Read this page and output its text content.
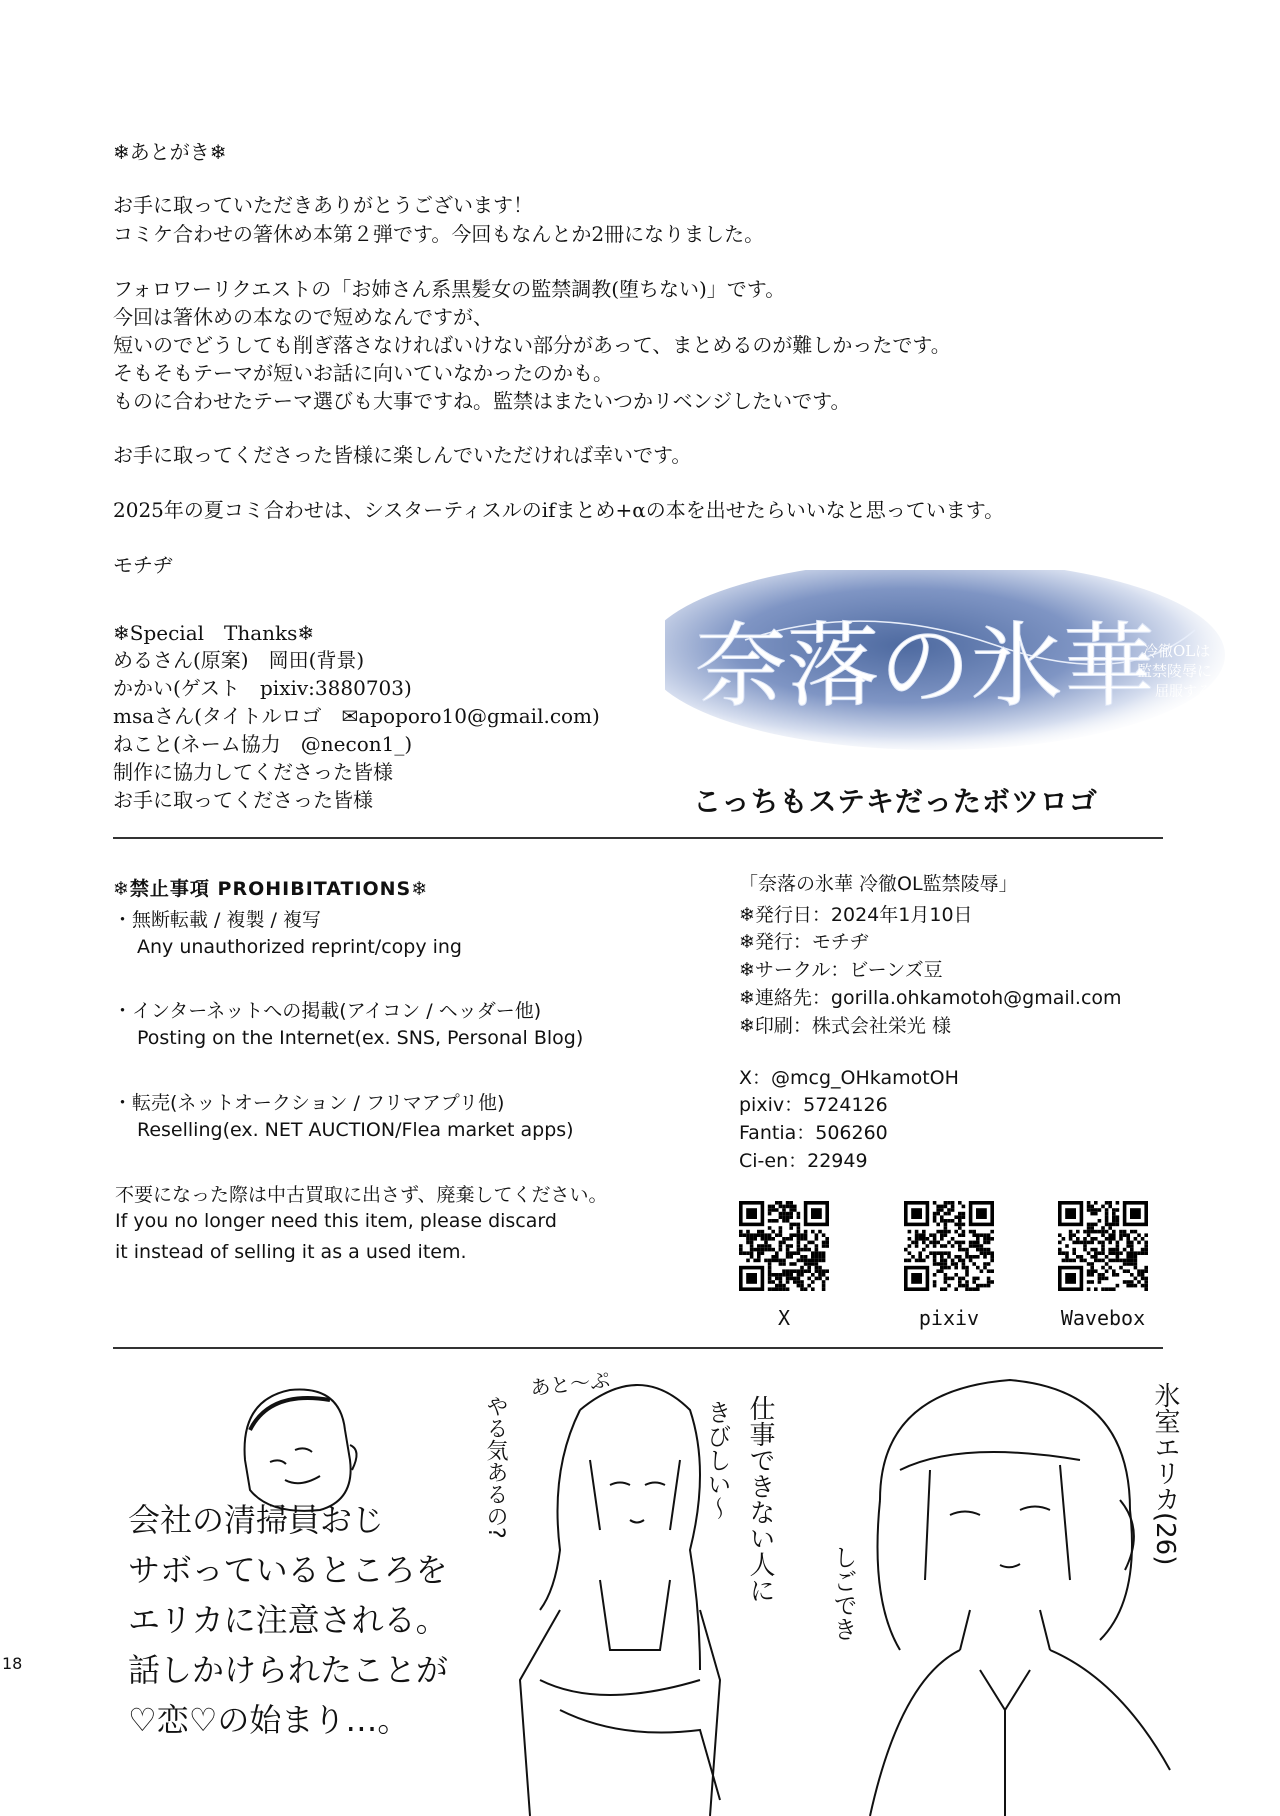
❄あとがき❄
お手に取っていただきありがとうございます！
コミケ合わせの箸休め本第２弾です。今回もなんとか2冊になりました。
フォロワーリクエストの「お姉さん系黒髪女の監禁調教(堕ちない)」です。
今回は箸休めの本なので短めなんですが、
短いのでどうしても削ぎ落さなければいけない部分があって、まとめるのが難しかったです。
そもそもテーマが短いお話に向いていなかったのかも。
ものに合わせたテーマ選びも大事ですね。監禁はまたいつかリベンジしたいです。
お手に取ってくださった皆様に楽しんでいただければ幸いです。
2025年の夏コミ合わせは、シスターティスルのifまとめ+αの本を出せたらいいなと思っています。
モチヂ
❄Special　Thanks❄
めるさん(原案)　岡田(背景)
かかい(ゲスト　pixiv:3880703)
msaさん(タイトルロゴ　✉apoporo10@gmail.com)
ねこと(ネーム協力　@necon1_)
制作に協力してくださった皆様
お手に取ってくださった皆様
奈落の氷華
冷徹OLは
監禁陵辱に
屈服する
こっちもステキだったボツロゴ
❄禁止事項 PROHIBITATIONS❄
・無断転載 / 複製 / 複写
Any unauthorized reprint/copy ing
・インターネットへの掲載(アイコン / ヘッダー他)
Posting on the Internet(ex. SNS, Personal Blog)
・転売(ネットオークション / フリマアプリ他)
Reselling(ex. NET AUCTION/Flea market apps)
不要になった際は中古買取に出さず、廃棄してください。
If you no longer need this item, please discard
it instead of selling it as a used item.
「奈落の氷華 冷徹OL監禁陵辱」
❄発行日：2024年1月10日
❄発行：モチヂ
❄サークル：ビーンズ豆
❄連絡先：gorilla.ohkamotoh@gmail.com
❄印刷：株式会社栄光 様
X：@mcg_OHkamotOH
pixiv：5724126
Fantia：506260
Ci-en：22949
X	pixiv	Wavebox
会社の清掃員おじ
サボっているところを
エリカに注意される。
話しかけられたことが
♡恋♡の始まり…。
あと〜ぷ
やる気あるの?	仕事できない人に
きびしい〜	氷室エリカ(26)
しごでき
18
